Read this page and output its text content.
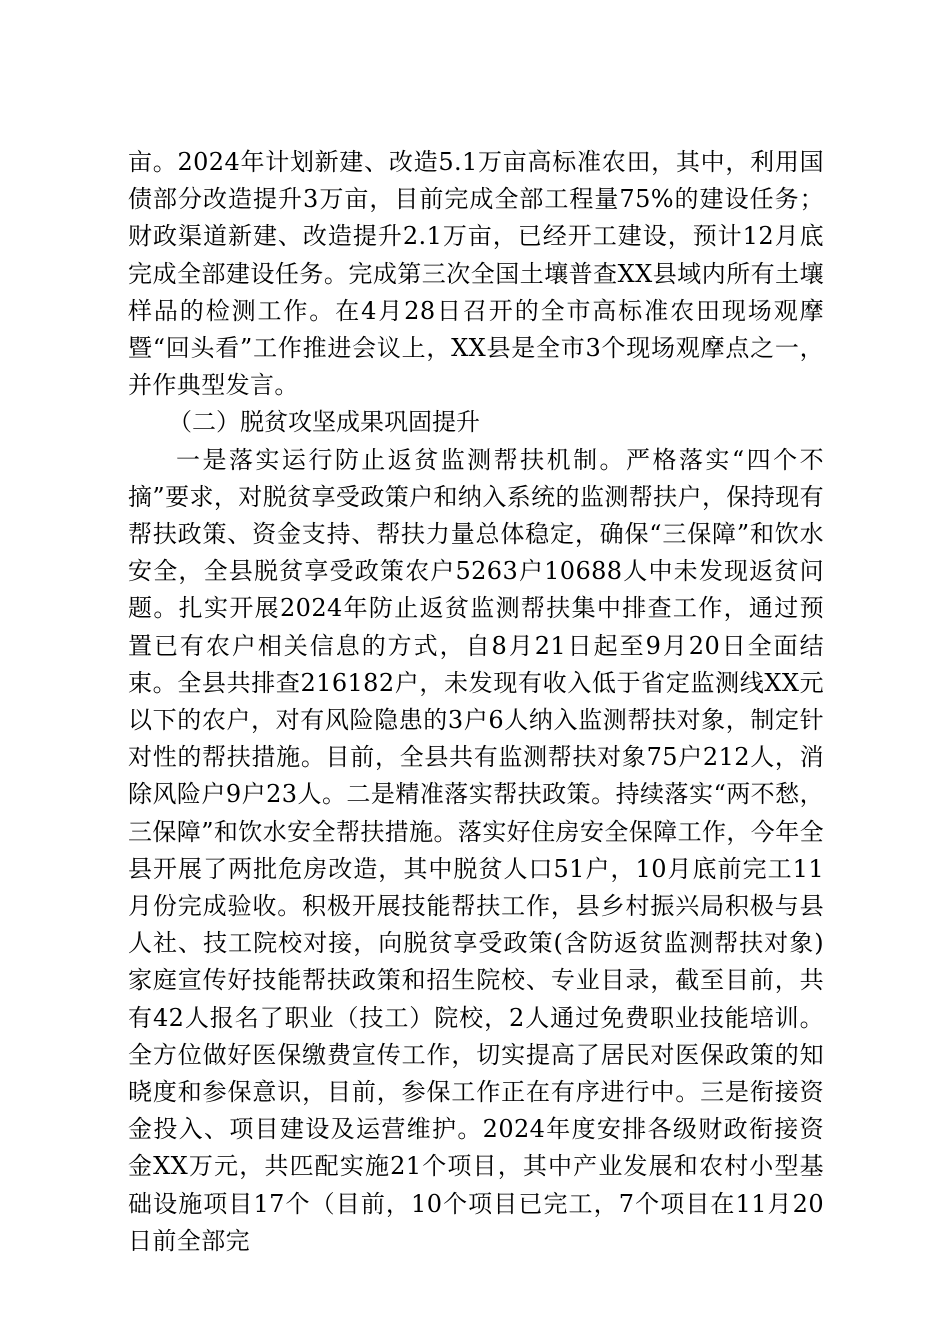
亩。2024年计划新建、改造5.1万亩高标准农田，其中，利用国债部分改造提升3万亩，目前完成全部工程量75%的建设任务；财政渠道新建、改造提升2.1万亩，已经开工建设，预计12月底完成全部建设任务。完成第三次全国土壤普查XX县域内所有土壤样品的检测工作。在4月28日召开的全市高标准农田现场观摩暨“回头看”工作推进会议上，XX县是全市3个现场观摩点之一，并作典型发言。

（二）脱贫攻坚成果巩固提升

一是落实运行防止返贫监测帮扶机制。严格落实“四个不摘”要求，对脱贫享受政策户和纳入系统的监测帮扶户，保持现有帮扶政策、资金支持、帮扶力量总体稳定，确保“三保障”和饮水安全，全县脱贫享受政策农户5263户10688人中未发现返贫问题。扎实开展2024年防止返贫监测帮扶集中排查工作，通过预置已有农户相关信息的方式，自8月21日起至9月20日全面结束。全县共排查216182户，未发现有收入低于省定监测线XX元以下的农户，对有风险隐患的3户6人纳入监测帮扶对象，制定针对性的帮扶措施。目前，全县共有监测帮扶对象75户212人，消除风险户9户23人。二是精准落实帮扶政策。持续落实“两不愁，三保障”和饮水安全帮扶措施。落实好住房安全保障工作，今年全县开展了两批危房改造，其中脱贫人口51户，10月底前完工11月份完成验收。积极开展技能帮扶工作，县乡村振兴局积极与县人社、技工院校对接，向脱贫享受政策(含防返贫监测帮扶对象)家庭宣传好技能帮扶政策和招生院校、专业目录，截至目前，共有42人报名了职业（技工）院校，2人通过免费职业技能培训。全方位做好医保缴费宣传工作，切实提高了居民对医保政策的知晓度和参保意识，目前，参保工作正在有序进行中。三是衔接资金投入、项目建设及运营维护。2024年度安排各级财政衔接资金XX万元，共匹配实施21个项目，其中产业发展和农村小型基础设施项目17个（目前，10个项目已完工，7个项目在11月20日前全部完
